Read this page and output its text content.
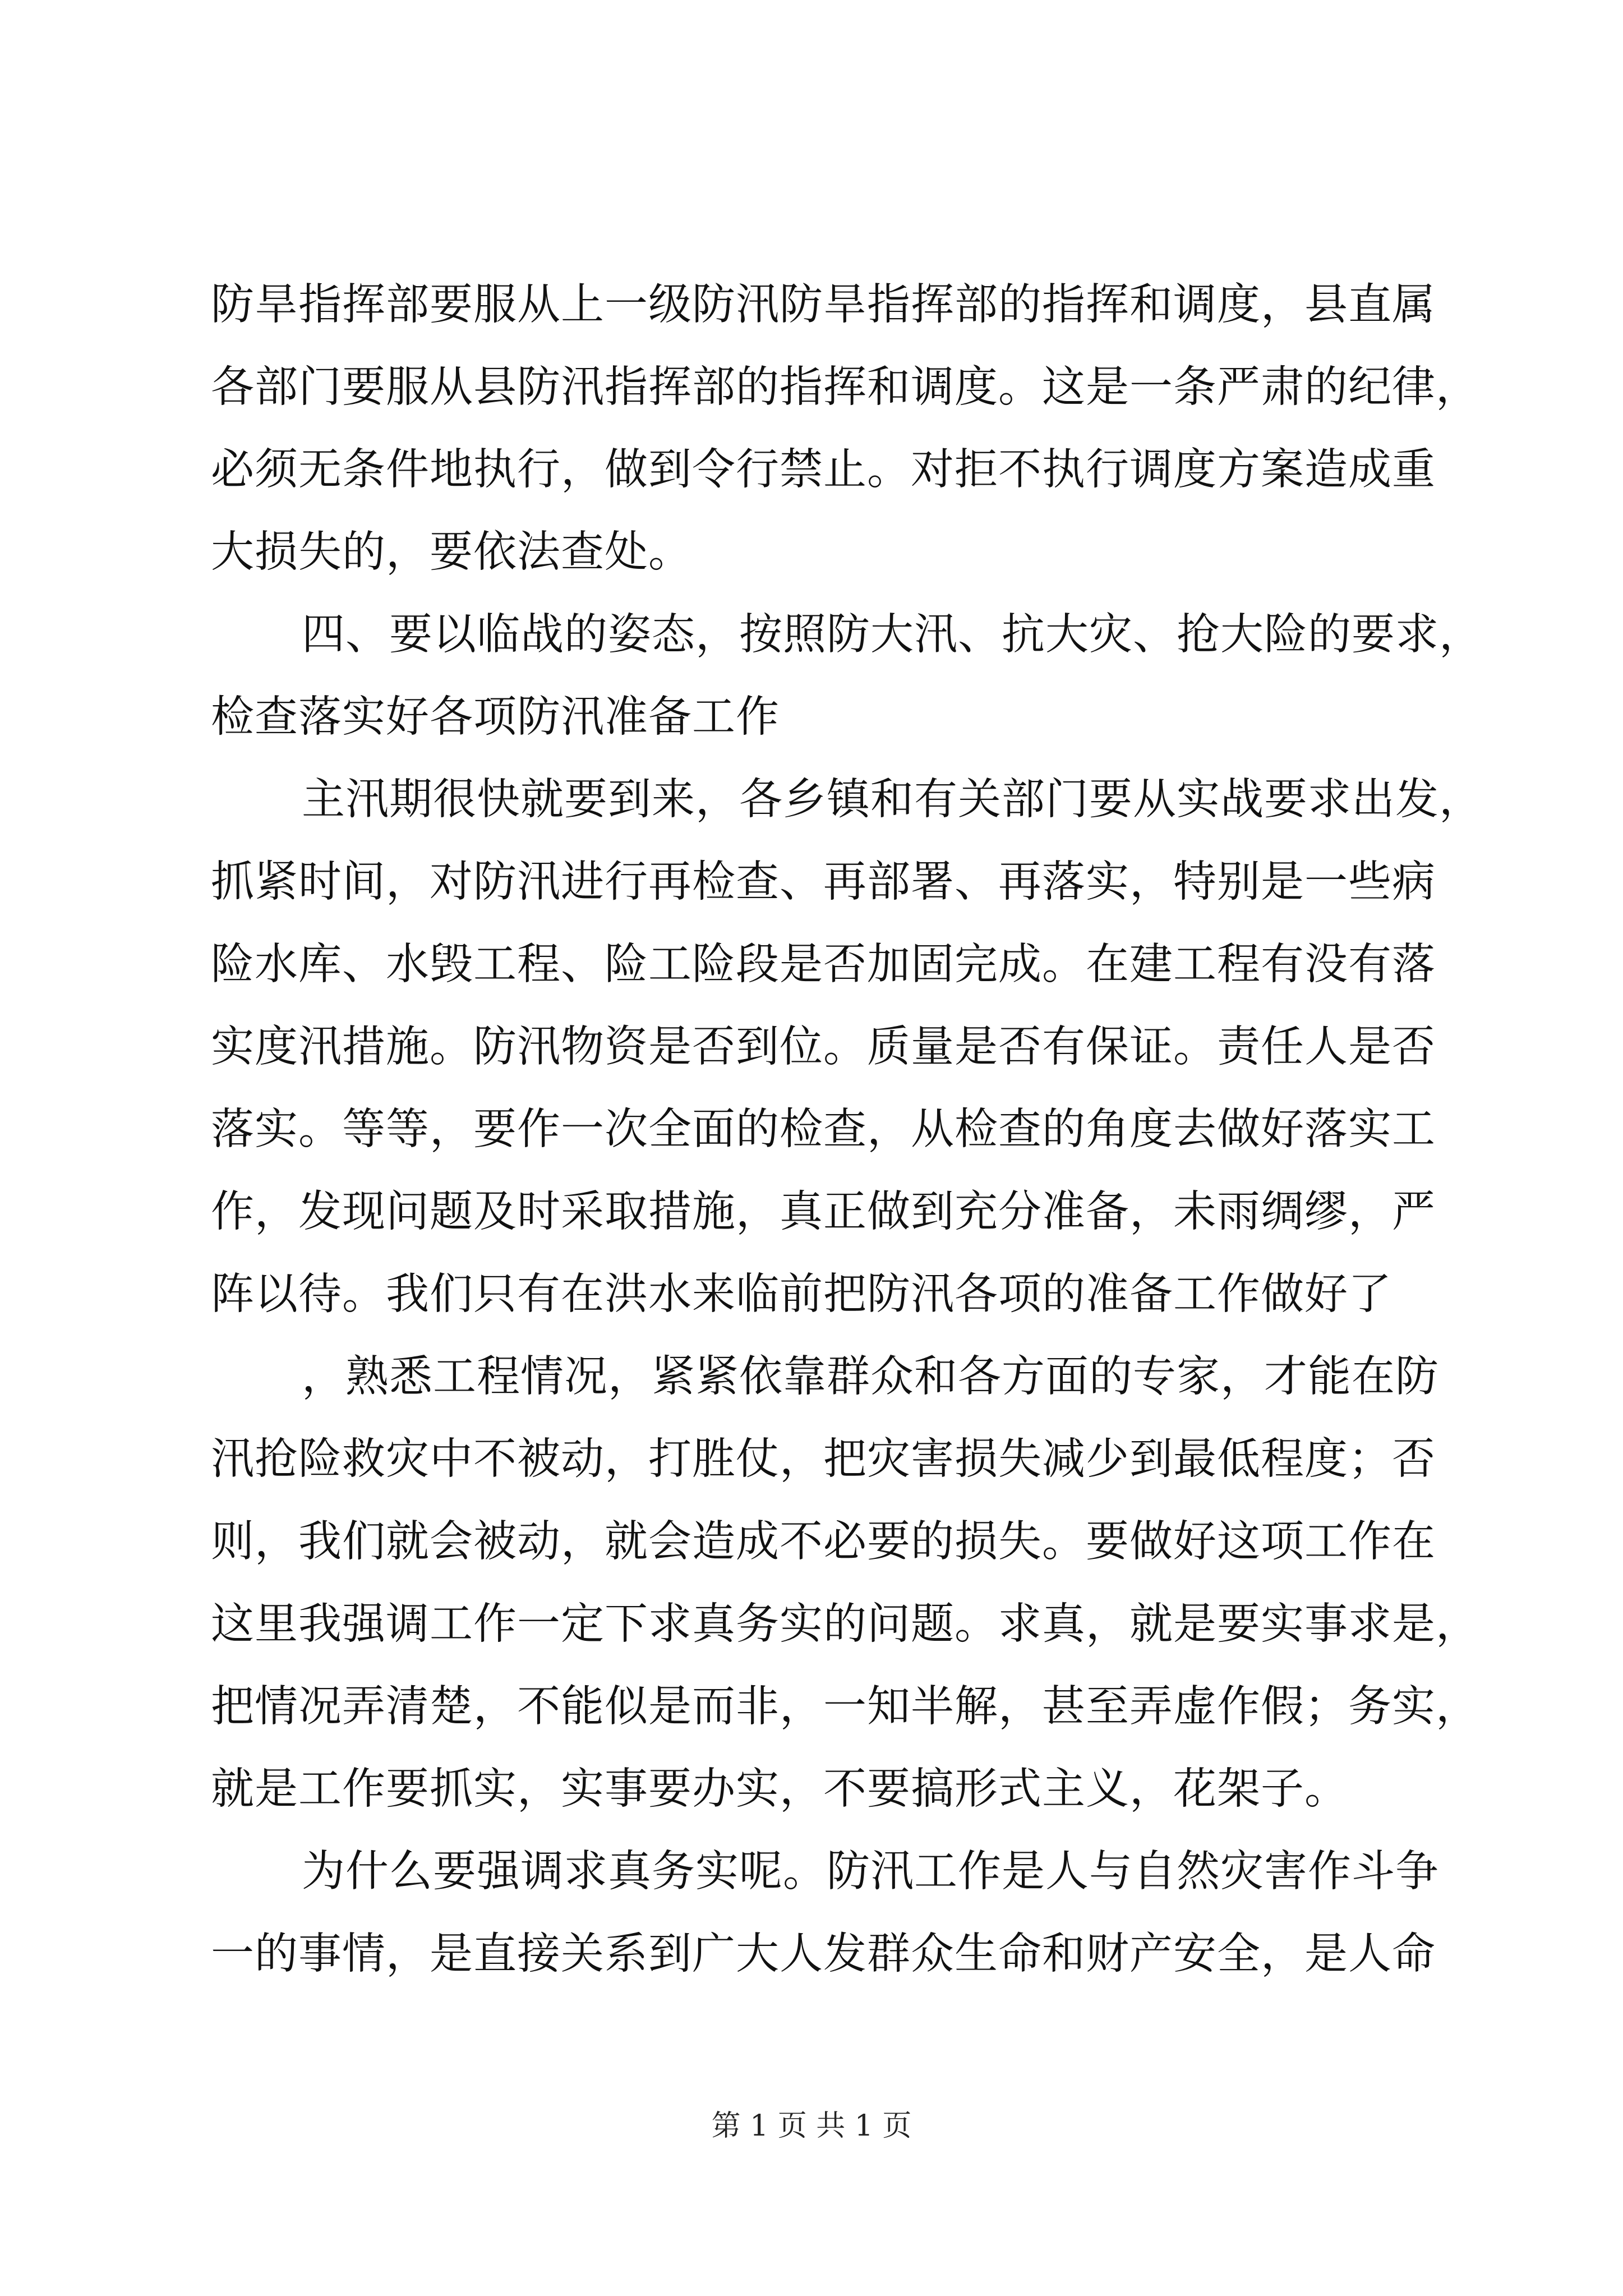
防旱指挥部要服从上一级防汛防旱指挥部的指挥和调度，县直属
各部门要服从县防汛指挥部的指挥和调度。这是一条严肃的纪律，
必须无条件地执行，做到令行禁止。对拒不执行调度方案造成重
大损失的，要依法查处。
四、要以临战的姿态，按照防大汛、抗大灾、抢大险的要求，
检查落实好各项防汛准备工作
主汛期很快就要到来，各乡镇和有关部门要从实战要求出发，
抓紧时间，对防汛进行再检查、再部署、再落实，特别是一些病
险水库、水毁工程、险工险段是否加固完成。在建工程有没有落
实度汛措施。防汛物资是否到位。质量是否有保证。责任人是否
落实。等等，要作一次全面的检查，从检查的角度去做好落实工
作，发现问题及时采取措施，真正做到充分准备，未雨绸缪，严
阵以待。我们只有在洪水来临前把防汛各项的准备工作做好了
，熟悉工程情况，紧紧依靠群众和各方面的专家，才能在防
汛抢险救灾中不被动，打胜仗，把灾害损失减少到最低程度；否
则，我们就会被动，就会造成不必要的损失。要做好这项工作在
这里我强调工作一定下求真务实的问题。求真，就是要实事求是，
把情况弄清楚，不能似是而非，一知半解，甚至弄虚作假；务实，
就是工作要抓实，实事要办实，不要搞形式主义，花架子。
为什么要强调求真务实呢。防汛工作是人与自然灾害作斗争
一的事情，是直接关系到广大人发群众生命和财产安全，是人命
第 1 页 共 1 页
